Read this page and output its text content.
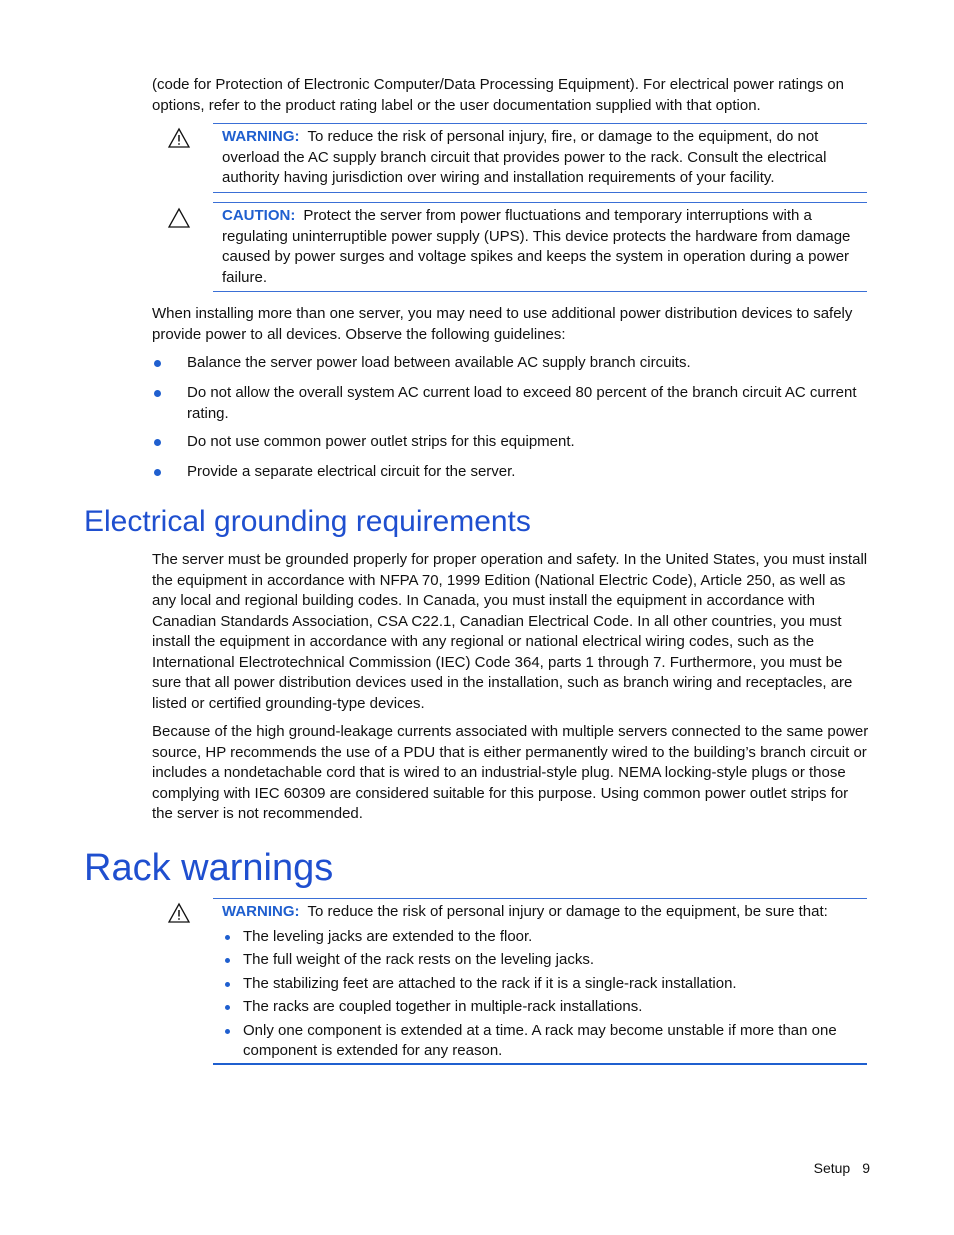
(code for Protection of Electronic Computer/Data Processing Equipment). For electrical power ratings on options, refer to the product rating label or the user documentation supplied with that option.

WARNING: To reduce the risk of personal injury, fire, or damage to the equipment, do not overload the AC supply branch circuit that provides power to the rack. Consult the electrical authority having jurisdiction over wiring and installation requirements of your facility.
CAUTION: Protect the server from power fluctuations and temporary interruptions with a regulating uninterruptible power supply (UPS). This device protects the hardware from damage caused by power surges and voltage spikes and keeps the system in operation during a power failure.

When installing more than one server, you may need to use additional power distribution devices to safely provide power to all devices. Observe the following guidelines:

Balance the server power load between available AC supply branch circuits.
Do not allow the overall system AC current load to exceed 80 percent of the branch circuit AC current rating.
Do not use common power outlet strips for this equipment.
Provide a separate electrical circuit for the server.
Electrical grounding requirements

The server must be grounded properly for proper operation and safety. In the United States, you must install the equipment in accordance with NFPA 70, 1999 Edition (National Electric Code), Article 250, as well as any local and regional building codes. In Canada, you must install the equipment in accordance with Canadian Standards Association, CSA C22.1, Canadian Electrical Code. In all other countries, you must install the equipment in accordance with any regional or national electrical wiring codes, such as the International Electrotechnical Commission (IEC) Code 364, parts 1 through 7. Furthermore, you must be sure that all power distribution devices used in the installation, such as branch wiring and receptacles, are listed or certified grounding-type devices.

Because of the high ground-leakage currents associated with multiple servers connected to the same power source, HP recommends the use of a PDU that is either permanently wired to the building’s branch circuit or includes a nondetachable cord that is wired to an industrial-style plug. NEMA locking-style plugs or those complying with IEC 60309 are considered suitable for this purpose. Using common power outlet strips for the server is not recommended.

Rack warnings
WARNING: To reduce the risk of personal injury or damage to the equipment, be sure that:
The leveling jacks are extended to the floor.
The full weight of the rack rests on the leveling jacks.
The stabilizing feet are attached to the rack if it is a single-rack installation.
The racks are coupled together in multiple-rack installations.
Only one component is extended at a time. A rack may become unstable if more than one component is extended for any reason.
Setup 9
